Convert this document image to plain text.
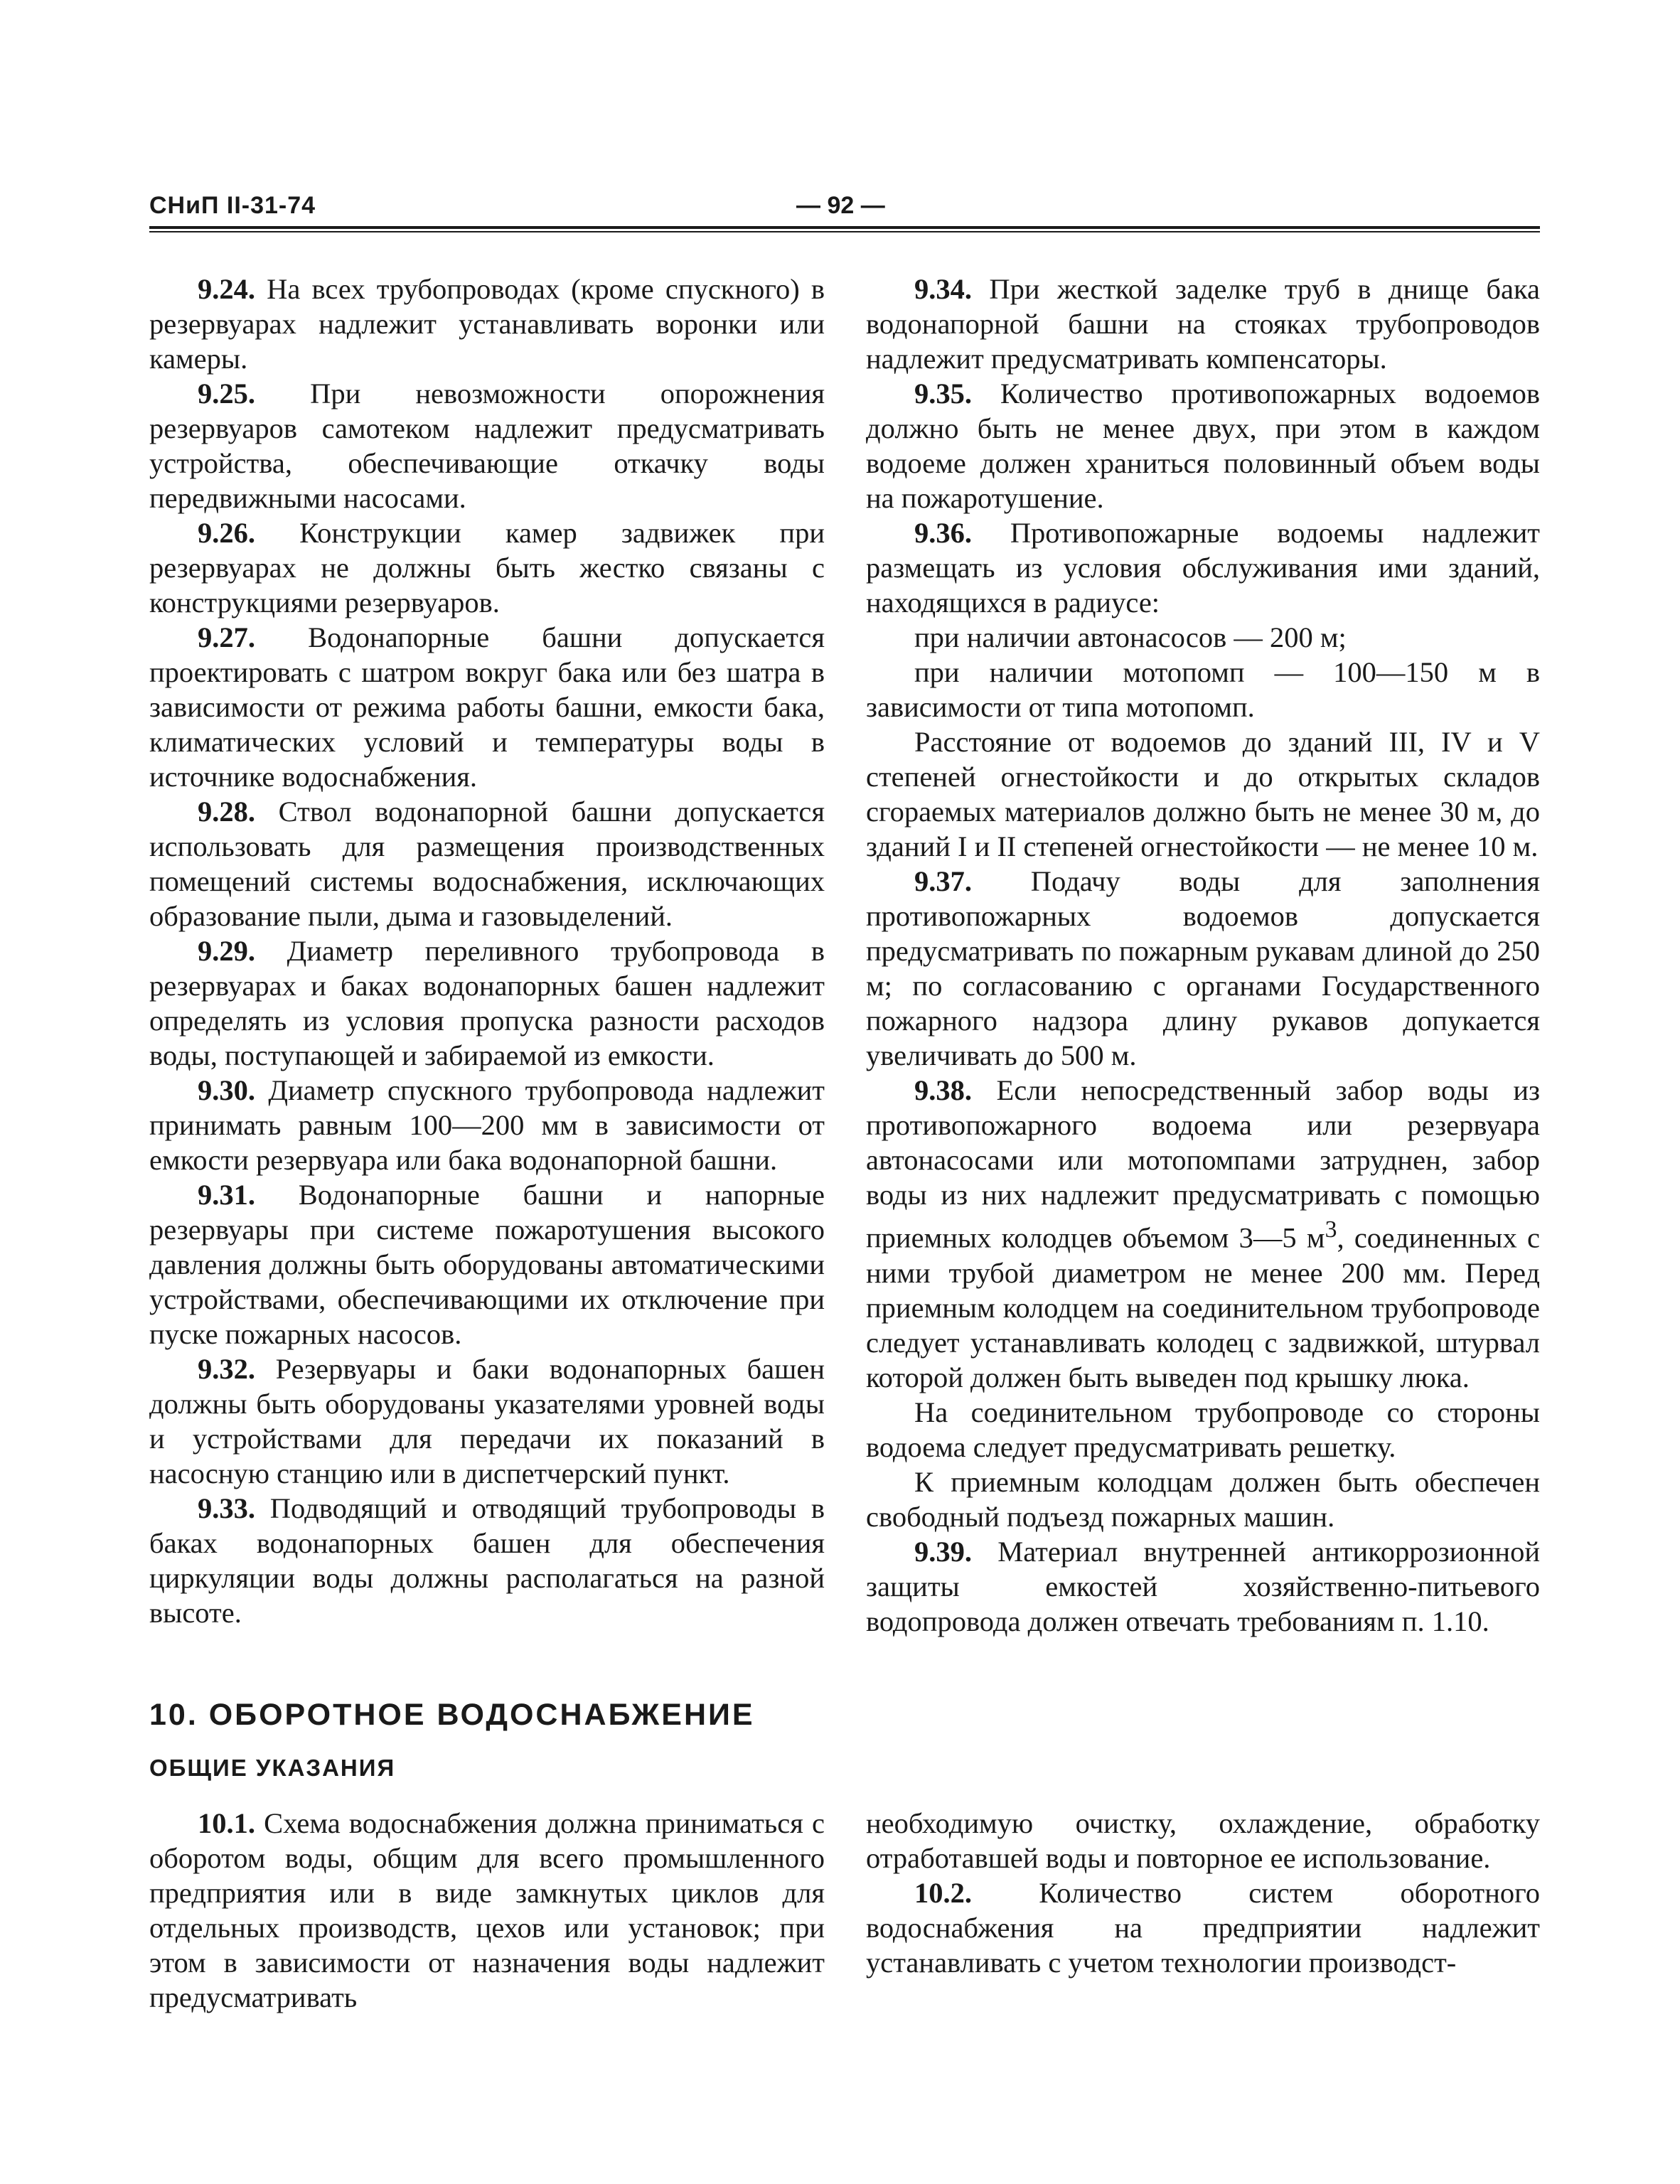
СНиП II-31-74	— 92 —

9.24. На всех трубопроводах (кроме спускного) в резервуарах надлежит устанавливать воронки или камеры.

9.25. При невозможности опорожнения резервуаров самотеком надлежит предусматривать устройства, обеспечивающие откачку воды передвижными насосами.

9.26. Конструкции камер задвижек при резервуарах не должны быть жестко связаны с конструкциями резервуаров.

9.27. Водонапорные башни допускается проектировать с шатром вокруг бака или без шатра в зависимости от режима работы башни, емкости бака, климатических условий и температуры воды в источнике водоснабжения.

9.28. Ствол водонапорной башни допускается использовать для размещения производственных помещений системы водоснабжения, исключающих образование пыли, дыма и газовыделений.

9.29. Диаметр переливного трубопровода в резервуарах и баках водонапорных башен надлежит определять из условия пропуска разности расходов воды, поступающей и забираемой из емкости.

9.30. Диаметр спускного трубопровода надлежит принимать равным 100—200 мм в зависимости от емкости резервуара или бака водонапорной башни.

9.31. Водонапорные башни и напорные резервуары при системе пожаротушения высокого давления должны быть оборудованы автоматическими устройствами, обеспечивающими их отключение при пуске пожарных насосов.

9.32. Резервуары и баки водонапорных башен должны быть оборудованы указателями уровней воды и устройствами для передачи их показаний в насосную станцию или в диспетчерский пункт.

9.33. Подводящий и отводящий трубопроводы в баках водонапорных башен для обеспечения циркуляции воды должны располагаться на разной высоте.

9.34. При жесткой заделке труб в днище бака водонапорной башни на стояках трубопроводов надлежит предусматривать компенсаторы.

9.35. Количество противопожарных водоемов должно быть не менее двух, при этом в каждом водоеме должен храниться половинный объем воды на пожаротушение.

9.36. Противопожарные водоемы надлежит размещать из условия обслуживания ими зданий, находящихся в радиусе:

при наличии автонасосов — 200 м;

при наличии мотопомп — 100—150 м в зависимости от типа мотопомп.

Расстояние от водоемов до зданий III, IV и V степеней огнестойкости и до открытых складов сгораемых материалов должно быть не менее 30 м, до зданий I и II степеней огнестойкости — не менее 10 м.

9.37. Подачу воды для заполнения противопожарных водоемов допускается предусматривать по пожарным рукавам длиной до 250 м; по согласованию с органами Государственного пожарного надзора длину рукавов допукается увеличивать до 500 м.

9.38. Если непосредственный забор воды из противопожарного водоема или резервуара автонасосами или мотопомпами затруднен, забор воды из них надлежит предусматривать с помощью приемных колодцев объемом 3—5 $м^3$, соединенных с ними трубой диаметром не менее 200 мм. Перед приемным колодцем на соединительном трубопроводе следует устанавливать колодец с задвижкой, штурвал которой должен быть выведен под крышку люка.

На соединительном трубопроводе со стороны водоема следует предусматривать решетку.

К приемным колодцам должен быть обеспечен свободный подъезд пожарных машин.

9.39. Материал внутренней антикоррозионной защиты емкостей хозяйственно-питьевого водопровода должен отвечать требованиям п. 1.10.

10. ОБОРОТНОЕ ВОДОСНАБЖЕНИЕ
ОБЩИЕ УКАЗАНИЯ

10.1. Схема водоснабжения должна приниматься с оборотом воды, общим для всего промышленного предприятия или в виде замкнутых циклов для отдельных производств, цехов или установок; при этом в зависимости от назначения воды надлежит предусматривать

необходимую очистку, охлаждение, обработку отработавшей воды и повторное ее использование.

10.2. Количество систем оборотного водоснабжения на предприятии надлежит устанавливать с учетом технологии производст-
